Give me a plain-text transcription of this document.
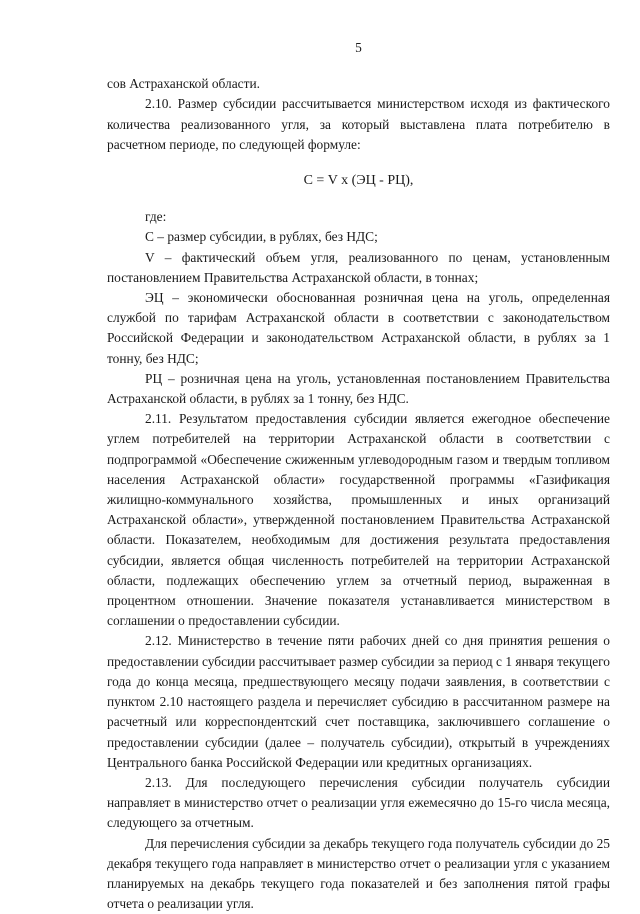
5

сов Астраханской области.

2.10. Размер субсидии рассчитывается министерством исходя из фактического количества реализованного угля, за который выставлена плата потребителю в расчетном периоде, по следующей формуле:

С = V х (ЭЦ - РЦ),

где:

С – размер субсидии, в рублях, без НДС;

V – фактический объем угля, реализованного по ценам, установленным постановлением Правительства Астраханской области, в тоннах;

ЭЦ – экономически обоснованная розничная цена на уголь, определенная службой по тарифам Астраханской области в соответствии с законодательством Российской Федерации и законодательством Астраханской области, в рублях за 1 тонну, без НДС;

РЦ – розничная цена на уголь, установленная постановлением Правительства Астраханской области, в рублях за 1 тонну, без НДС.

2.11. Результатом предоставления субсидии является ежегодное обеспечение углем потребителей на территории Астраханской области в соответствии с подпрограммой «Обеспечение сжиженным углеводородным газом и твердым топливом населения Астраханской области» государственной программы «Газификация жилищно-коммунального хозяйства, промышленных и иных организаций Астраханской области», утвержденной постановлением Правительства Астраханской области. Показателем, необходимым для достижения результата предоставления субсидии, является общая численность потребителей на территории Астраханской области, подлежащих обеспечению углем за отчетный период, выраженная в процентном отношении. Значение показателя устанавливается министерством в соглашении о предоставлении субсидии.

2.12. Министерство в течение пяти рабочих дней со дня принятия решения о предоставлении субсидии рассчитывает размер субсидии за период с 1 января текущего года до конца месяца, предшествующего месяцу подачи заявления, в соответствии с пунктом 2.10 настоящего раздела и перечисляет субсидию в рассчитанном размере на расчетный или корреспондентский счет поставщика, заключившего соглашение о предоставлении субсидии (далее – получатель субсидии), открытый в учреждениях Центрального банка Российской Федерации или кредитных организациях.

2.13. Для последующего перечисления субсидии получатель субсидии направляет в министерство отчет о реализации угля ежемесячно до 15-го числа месяца, следующего за отчетным.

Для перечисления субсидии за декабрь текущего года получатель субсидии до 25 декабря текущего года направляет в министерство отчет о реализации угля с указанием планируемых на декабрь текущего года показателей и без заполнения пятой графы отчета о реализации угля.
